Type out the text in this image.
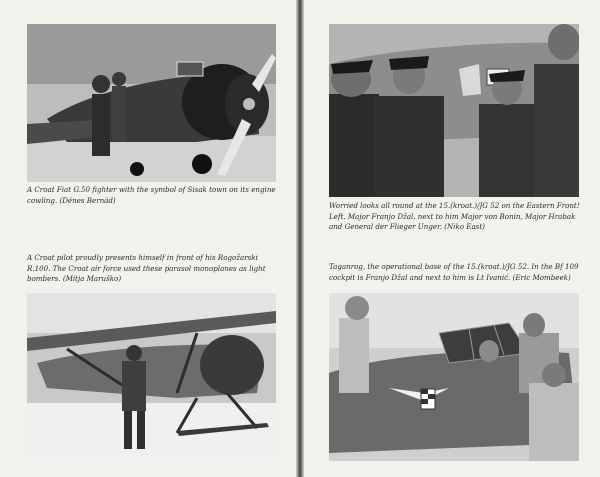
A Croat Fiat G.50 fighter with the symbol of Sisak town on its engine cowling. (Dénes Bernád)

A Croat pilot proudly presents himself in front of his Rogožarski R.100. The Croat air force used these parasol monoplanes as light bombers. (Mitja Maruško)

Worried looks all round at the 15.(kroat.)/JG 52 on the Eastern Front! Left, Major Franjo Džal, next to him Major von Bonin, Major Hrabak and General der Flieger Unger. (Niko East)

Taganrog, the operational base of the 15.(kroat.)/JG 52. In the Bf 109 cockpit is Franjo Džal and next to him is Lt Ivanić. (Eric Mombeek)
